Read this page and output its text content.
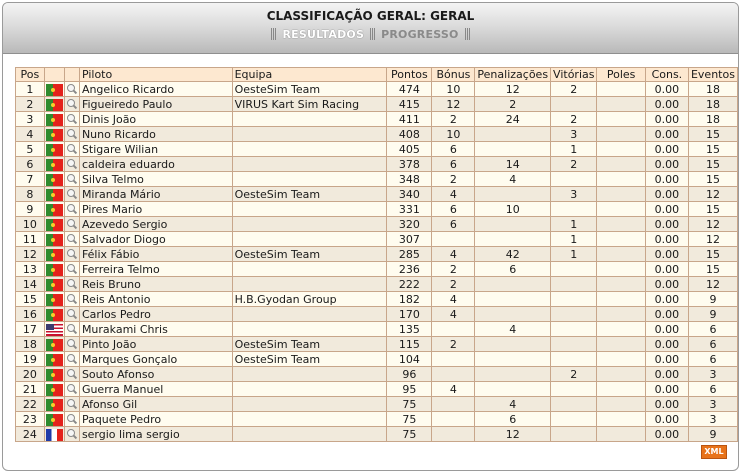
CLASSIFICAÇÃO GERAL: GERAL
RESULTADOS	PROGRESSO
Pos			Piloto	Equipa	Pontos	Bónus	Penalizações	Vitórias	Poles	Cons.	Eventos
1			Angelico Ricardo	OesteSim Team	474	10	12	2		0.00	18
2			Figueiredo Paulo	VIRUS Kart Sim Racing	415	12	2			0.00	18
3			Dinis João		411	2	24	2		0.00	18
4			Nuno Ricardo		408	10		3		0.00	15
5			Stigare Wilian		405	6		1		0.00	15
6			caldeira eduardo		378	6	14	2		0.00	15
7			Silva Telmo		348	2	4			0.00	15
8			Miranda Mário	OesteSim Team	340	4		3		0.00	12
9			Pires Mario		331	6	10			0.00	15
10			Azevedo Sergio		320	6		1		0.00	12
11			Salvador Diogo		307			1		0.00	12
12			Félix Fábio	OesteSim Team	285	4	42	1		0.00	15
13			Ferreira Telmo		236	2	6			0.00	15
14			Reis Bruno		222	2				0.00	12
15			Reis Antonio	H.B.Gyodan Group	182	4				0.00	9
16			Carlos Pedro		170	4				0.00	9
17			Murakami Chris		135		4			0.00	6
18			Pinto João	OesteSim Team	115	2				0.00	6
19			Marques Gonçalo	OesteSim Team	104					0.00	6
20			Souto Afonso		96			2		0.00	3
21			Guerra Manuel		95	4				0.00	6
22			Afonso Gil		75		4			0.00	3
23			Paquete Pedro		75		6			0.00	3
24			sergio lima sergio		75		12			0.00	9
XML
